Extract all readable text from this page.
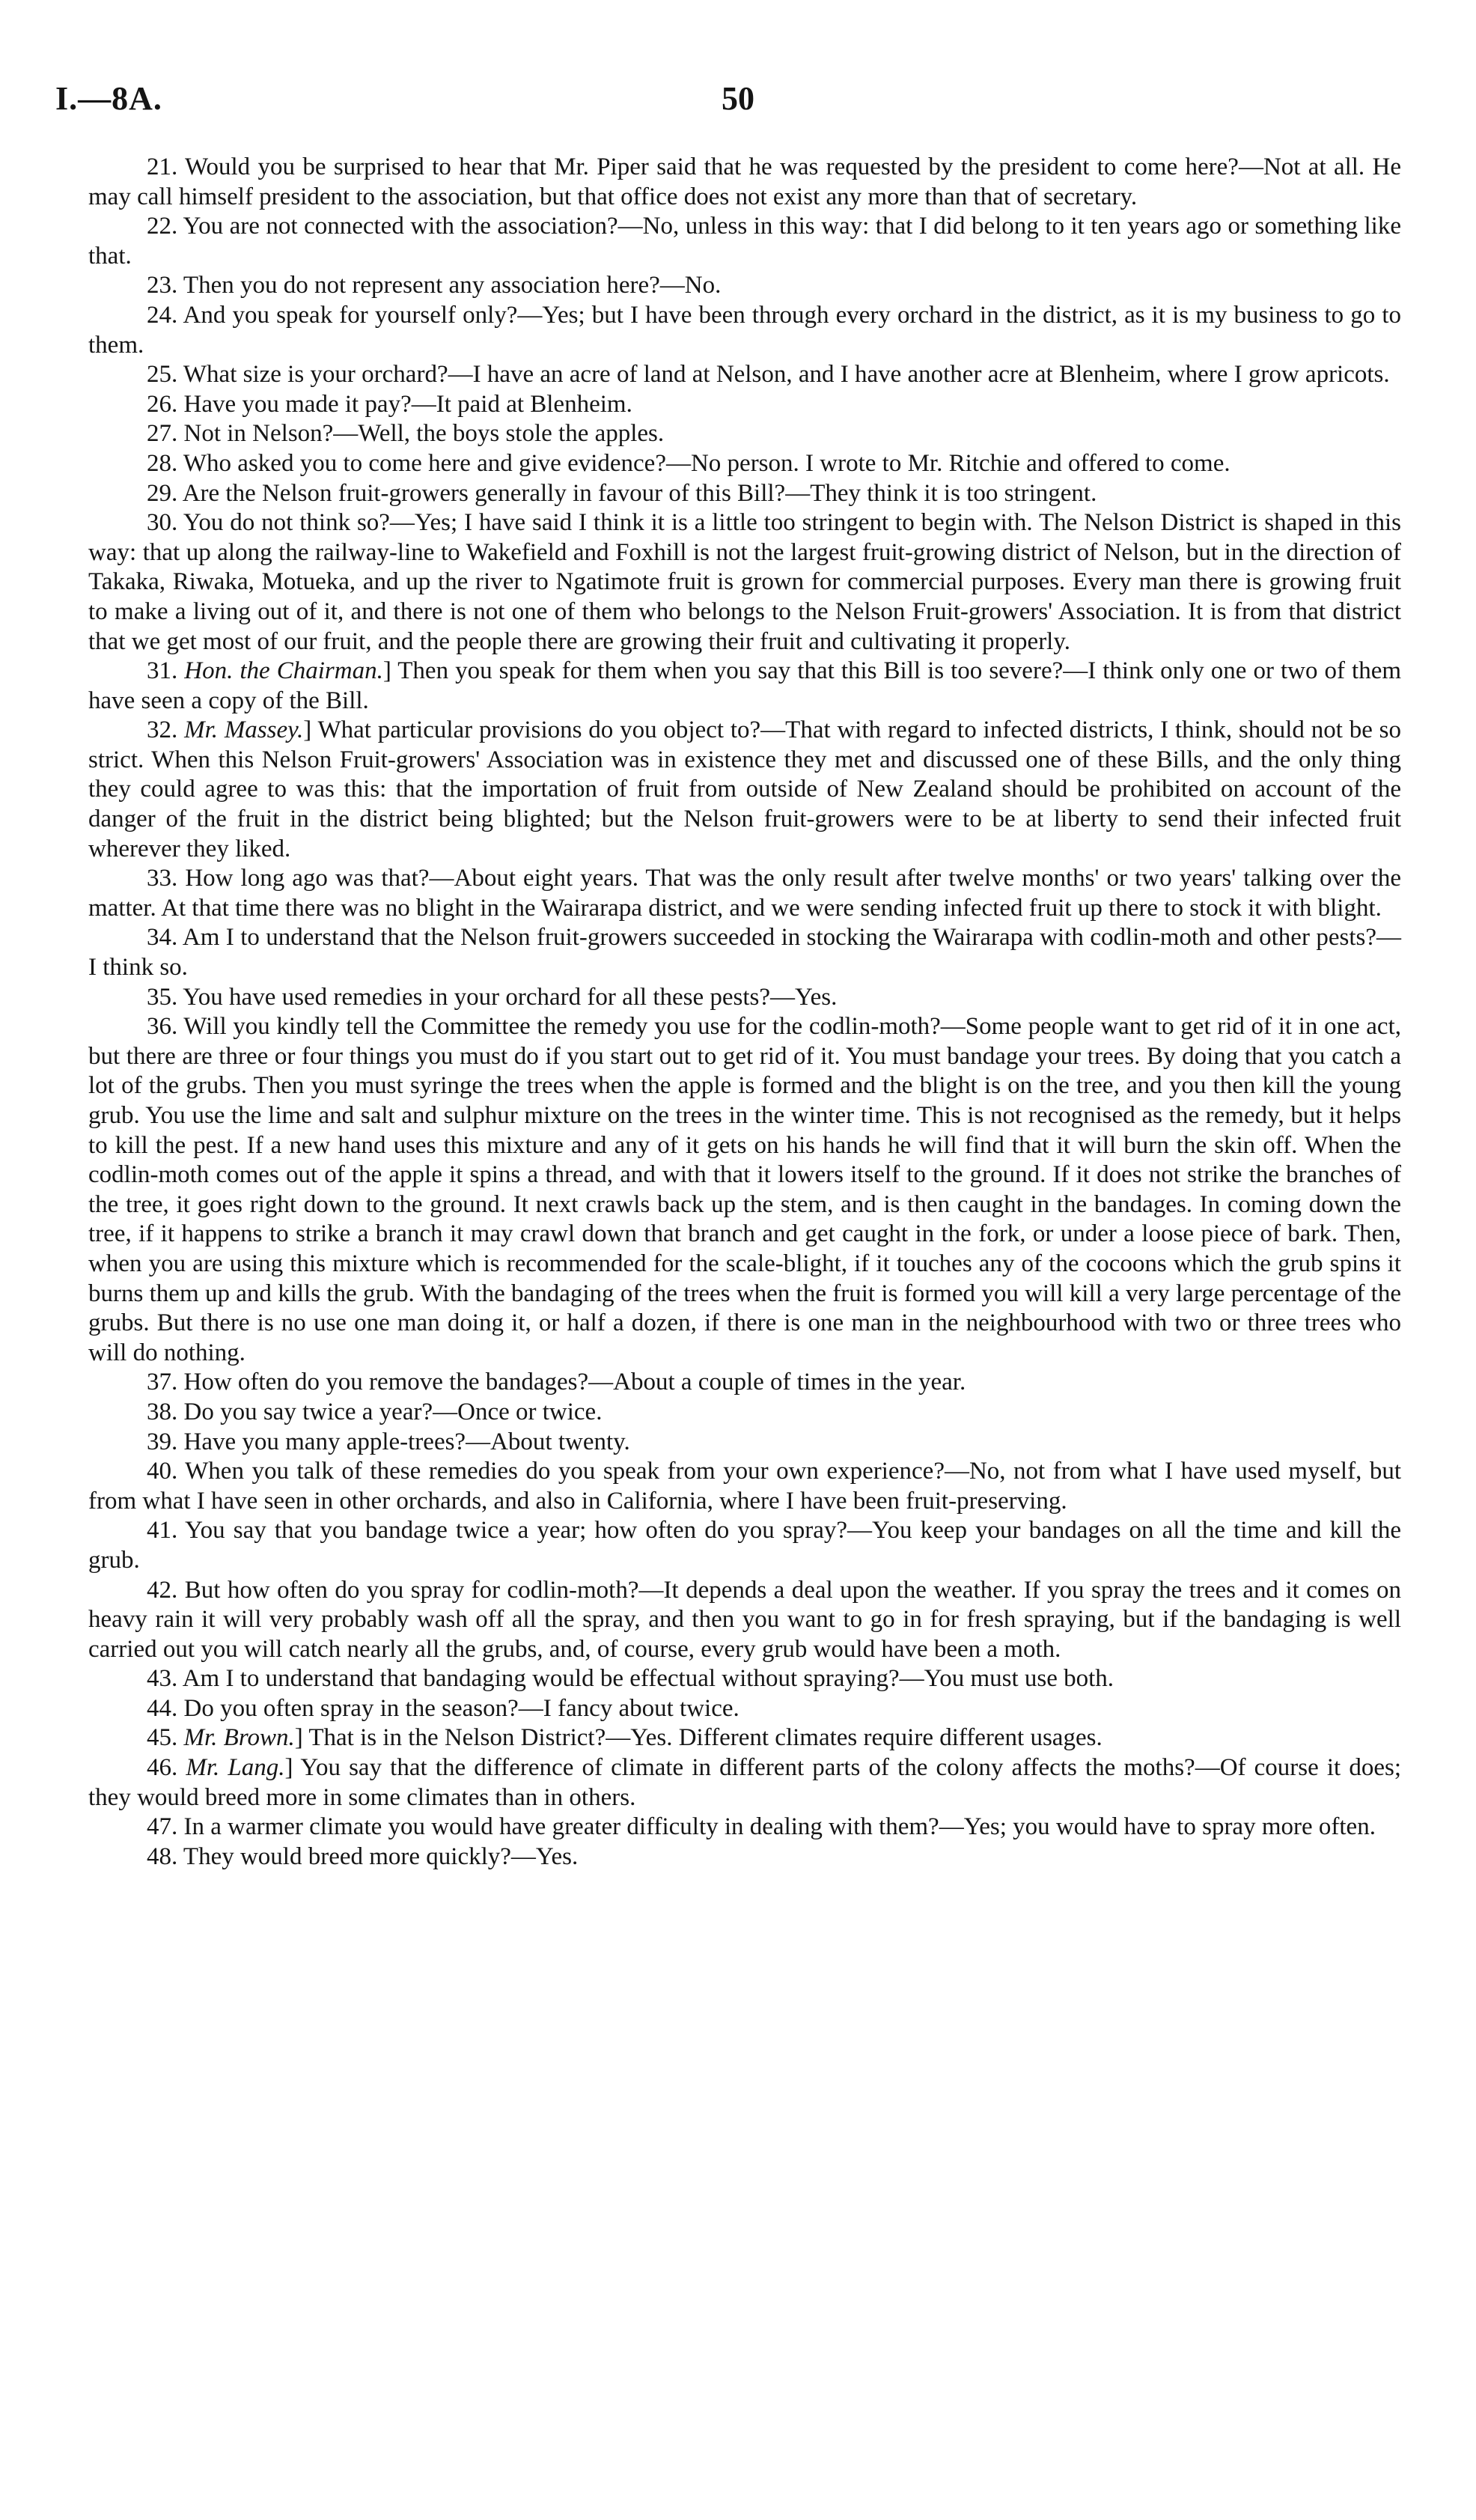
I.—8A.	50

21. Would you be surprised to hear that Mr. Piper said that he was requested by the president to come here?—Not at all. He may call himself president to the association, but that office does not exist any more than that of secretary.

22. You are not connected with the association?—No, unless in this way: that I did belong to it ten years ago or something like that.

23. Then you do not represent any association here?—No.

24. And you speak for yourself only?—Yes; but I have been through every orchard in the district, as it is my business to go to them.

25. What size is your orchard?—I have an acre of land at Nelson, and I have another acre at Blenheim, where I grow apricots.

26. Have you made it pay?—It paid at Blenheim.

27. Not in Nelson?—Well, the boys stole the apples.

28. Who asked you to come here and give evidence?—No person. I wrote to Mr. Ritchie and offered to come.

29. Are the Nelson fruit-growers generally in favour of this Bill?—They think it is too stringent.

30. You do not think so?—Yes; I have said I think it is a little too stringent to begin with. The Nelson District is shaped in this way: that up along the railway-line to Wakefield and Foxhill is not the largest fruit-growing district of Nelson, but in the direction of Takaka, Riwaka, Motueka, and up the river to Ngatimote fruit is grown for commercial purposes. Every man there is growing fruit to make a living out of it, and there is not one of them who belongs to the Nelson Fruit-growers' Association. It is from that district that we get most of our fruit, and the people there are growing their fruit and cultivating it properly.

31. Hon. the Chairman.] Then you speak for them when you say that this Bill is too severe?—I think only one or two of them have seen a copy of the Bill.

32. Mr. Massey.] What particular provisions do you object to?—That with regard to infected districts, I think, should not be so strict. When this Nelson Fruit-growers' Association was in existence they met and discussed one of these Bills, and the only thing they could agree to was this: that the importation of fruit from outside of New Zealand should be prohibited on account of the danger of the fruit in the district being blighted; but the Nelson fruit-growers were to be at liberty to send their infected fruit wherever they liked.

33. How long ago was that?—About eight years. That was the only result after twelve months' or two years' talking over the matter. At that time there was no blight in the Wairarapa district, and we were sending infected fruit up there to stock it with blight.

34. Am I to understand that the Nelson fruit-growers succeeded in stocking the Wairarapa with codlin-moth and other pests?—I think so.

35. You have used remedies in your orchard for all these pests?—Yes.

36. Will you kindly tell the Committee the remedy you use for the codlin-moth?—Some people want to get rid of it in one act, but there are three or four things you must do if you start out to get rid of it. You must bandage your trees. By doing that you catch a lot of the grubs. Then you must syringe the trees when the apple is formed and the blight is on the tree, and you then kill the young grub. You use the lime and salt and sulphur mixture on the trees in the winter time. This is not recognised as the remedy, but it helps to kill the pest. If a new hand uses this mixture and any of it gets on his hands he will find that it will burn the skin off. When the codlin-moth comes out of the apple it spins a thread, and with that it lowers itself to the ground. If it does not strike the branches of the tree, it goes right down to the ground. It next crawls back up the stem, and is then caught in the bandages. In coming down the tree, if it happens to strike a branch it may crawl down that branch and get caught in the fork, or under a loose piece of bark. Then, when you are using this mixture which is recommended for the scale-blight, if it touches any of the cocoons which the grub spins it burns them up and kills the grub. With the bandaging of the trees when the fruit is formed you will kill a very large percentage of the grubs. But there is no use one man doing it, or half a dozen, if there is one man in the neighbourhood with two or three trees who will do nothing.

37. How often do you remove the bandages?—About a couple of times in the year.

38. Do you say twice a year?—Once or twice.

39. Have you many apple-trees?—About twenty.

40. When you talk of these remedies do you speak from your own experience?—No, not from what I have used myself, but from what I have seen in other orchards, and also in California, where I have been fruit-preserving.

41. You say that you bandage twice a year; how often do you spray?—You keep your bandages on all the time and kill the grub.

42. But how often do you spray for codlin-moth?—It depends a deal upon the weather. If you spray the trees and it comes on heavy rain it will very probably wash off all the spray, and then you want to go in for fresh spraying, but if the bandaging is well carried out you will catch nearly all the grubs, and, of course, every grub would have been a moth.

43. Am I to understand that bandaging would be effectual without spraying?—You must use both.

44. Do you often spray in the season?—I fancy about twice.

45. Mr. Brown.] That is in the Nelson District?—Yes. Different climates require different usages.

46. Mr. Lang.] You say that the difference of climate in different parts of the colony affects the moths?—Of course it does; they would breed more in some climates than in others.

47. In a warmer climate you would have greater difficulty in dealing with them?—Yes; you would have to spray more often.

48. They would breed more quickly?—Yes.
